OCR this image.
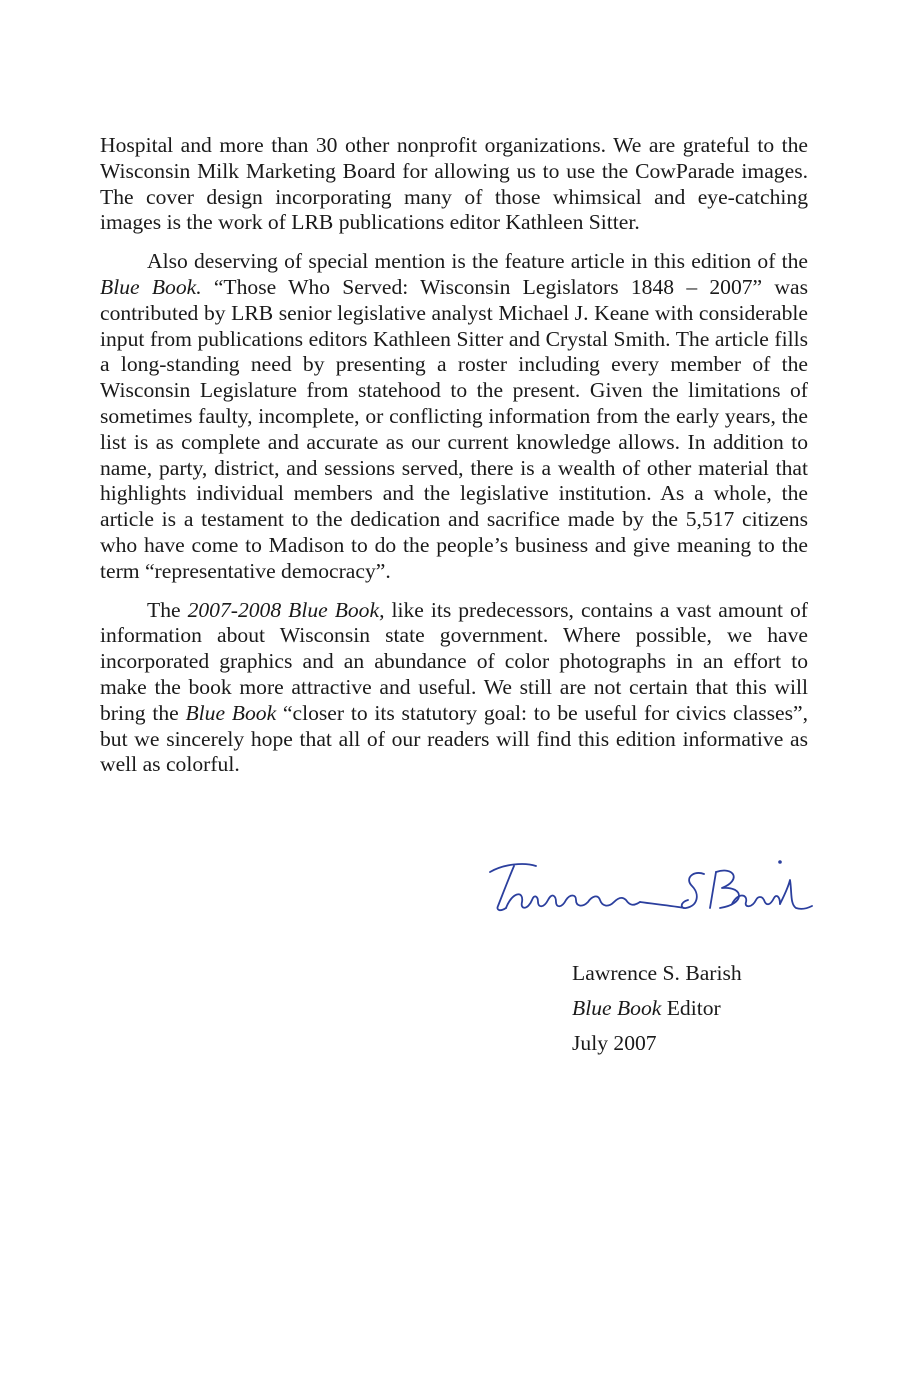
Hospital and more than 30 other nonprofit organizations. We are grateful to the Wisconsin Milk Marketing Board for allowing us to use the CowParade images. The cover design incorporating many of those whimsical and eye-catching images is the work of LRB publications editor Kathleen Sitter.

Also deserving of special mention is the feature article in this edition of the Blue Book. “Those Who Served: Wisconsin Legislators 1848 – 2007” was contributed by LRB senior legislative analyst Michael J. Keane with considerable input from publications editors Kathleen Sitter and Crystal Smith. The article fills a long-standing need by presenting a roster including every member of the Wisconsin Legislature from statehood to the present. Given the limitations of sometimes faulty, incomplete, or conflicting information from the early years, the list is as complete and accurate as our current knowledge allows. In addition to name, party, district, and sessions served, there is a wealth of other material that highlights individual members and the legislative institution. As a whole, the article is a testament to the dedication and sacrifice made by the 5,517 citizens who have come to Madison to do the people’s business and give meaning to the term “representative democracy”.

The 2007-2008 Blue Book, like its predecessors, contains a vast amount of information about Wisconsin state government. Where possible, we have incorporated graphics and an abundance of color photographs in an effort to make the book more attractive and useful. We still are not certain that this will bring the Blue Book “closer to its statutory goal: to be useful for civics classes”, but we sincerely hope that all of our readers will find this edition informative as well as colorful.

Lawrence S. Barish
Blue Book Editor
July 2007
